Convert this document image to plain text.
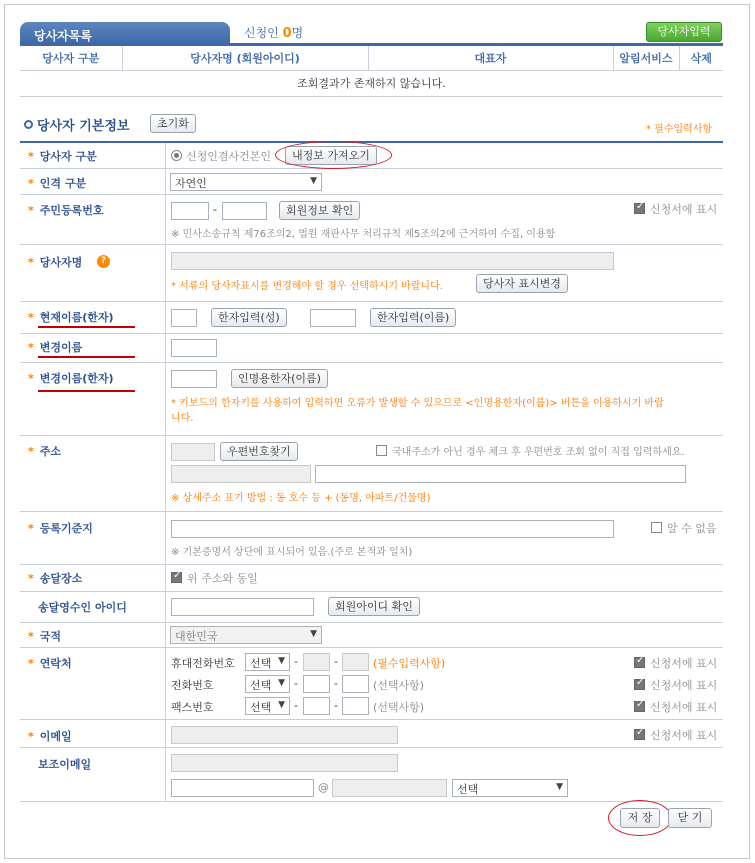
당사자목록	신청인 0명	당사자입력
당사자 구분	당사자명 (회원아이디)	대표자	알림서비스	삭제
조회결과가 존재하지 않습니다.
당사자 기본정보	초기화	* 필수입력사항
* 당사자 구분	신청인겸사건본인	내정보 가져오기
* 인격 구분	자연인	▼
* 주민등록번호	-	회원정보 확인 ✓	신청서에 표시
※ 민사소송규칙 제76조의2, 법원 재판사무 처리규칙 제5조의2에 근거하여 수집, 이용함
* 당사자명	?
* 서류의 당사자표시를 변경해야 할 경우 선택하시기 바랍니다.	당사자 표시변경
* 현재이름(한자)	한자입력(성)	한자입력(이름)
* 변경이름
* 변경이름(한자)	인명용한자(이름)
* 키보드의 한자키를 사용하여 입력하면 오류가 발생할 수 있으므로 <인명용한자(이름)> 버튼을 이용하시기 바랍
니다.
* 주소	우편번호찾기	국내주소가 아닌 경우 체크 후 우편번호 조회 없이 직접 입력하세요.
※ 상세주소 표기 방법 : 동 호수 등 + (동명, 아파트/건물명)
* 등록기준지	알 수 없음
※ 기본증명서 상단에 표시되어 있음.(주로 본적과 일치)
* 송달장소 ✓	위 주소와 동일
송달영수인 아이디	회원아이디 확인
* 국적	대한민국	▼
* 연락처	휴대전화번호	선택 ▼ -	-	(필수입력사항) ✓	신청서에 표시
전화번호	선택 ▼ -	-	(선택사항) ✓	신청서에 표시
팩스번호	선택 ▼ -	-	(선택사항) ✓	신청서에 표시
* 이메일 ✓	신청서에 표시
보조이메일
@	선택	▼
저 장	닫 기
